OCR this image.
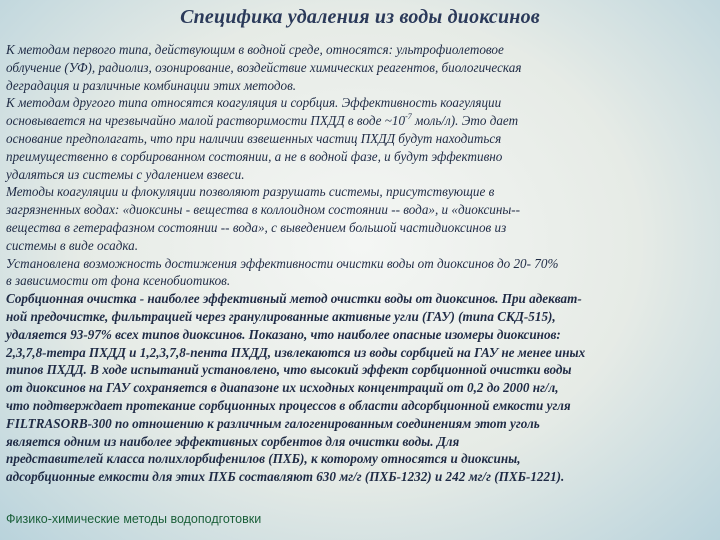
Специфика удаления из воды диоксинов
К методам первого типа, действующим в водной среде, относятся: ультрофиолетовое
облучение (УФ), радиолиз, озонирование, воздействие химических реагентов, биологическая
деградация и различные комбинации этих методов.
К методам другого типа относятся коагуляция и сорбция. Эффективность коагуляции
основывается на чрезвычайно малой растворимости ПХДД в воде $\sim 10^{-7}$ моль/л). Это дает
основание предполагать, что при наличии взвешенных частиц ПХДД будут находиться
преимущественно в сорбированном состоянии, а не в водной фазе, и будут эффективно
удаляться из системы с удалением взвеси.
Методы коагуляции и флокуляции позволяют разрушать системы, присутствующие в
загрязненных водах: «диоксины - вещества в коллоидном состоянии -- вода», и «диоксины--
вещества в гетерафазном состоянии -- вода», с выведением большой частидиоксинов из
системы в виде осадка.
Установлена возможность достижения эффективности очистки воды от диоксинов до 20- 70%
в зависимости от фона ксенобиотиков.
Сорбционная очистка - наиболее эффективный метод очистки воды от диоксинов. При адекват-
ной предочистке, фильтрацией через гранулированные активные угли (ГАУ) (типа СКД-515),
удаляется 93-97% всех типов диоксинов. Показано, что наиболее опасные изомеры диоксинов:
2,3,7,8-тетра ПХДД и 1,2,3,7,8-пента ПХДД, извлекаются из воды сорбцией на ГАУ не менее иных
типов ПХДД. В ходе испытаний установлено, что высокий эффект сорбционной очистки воды
от диоксинов на ГАУ сохраняется в диапазоне их исходных концентраций от 0,2 до 2000 нг/л,
что подтверждает протекание сорбционных процессов в области адсорбционной емкости угля
FILTRASORB-300 по отношению к различным галогенированным соединениям этот уголь
является одним из наиболее эффективных сорбентов для очистки воды. Для
представителей класса полихлорбифенилов (ПХБ), к которому относятся и диоксины,
адсорбционные емкости для этих ПХБ составляют 630 мг/г (ПХБ-1232) и 242 мг/г (ПХБ-1221).
Физико-химические методы водоподготовки
